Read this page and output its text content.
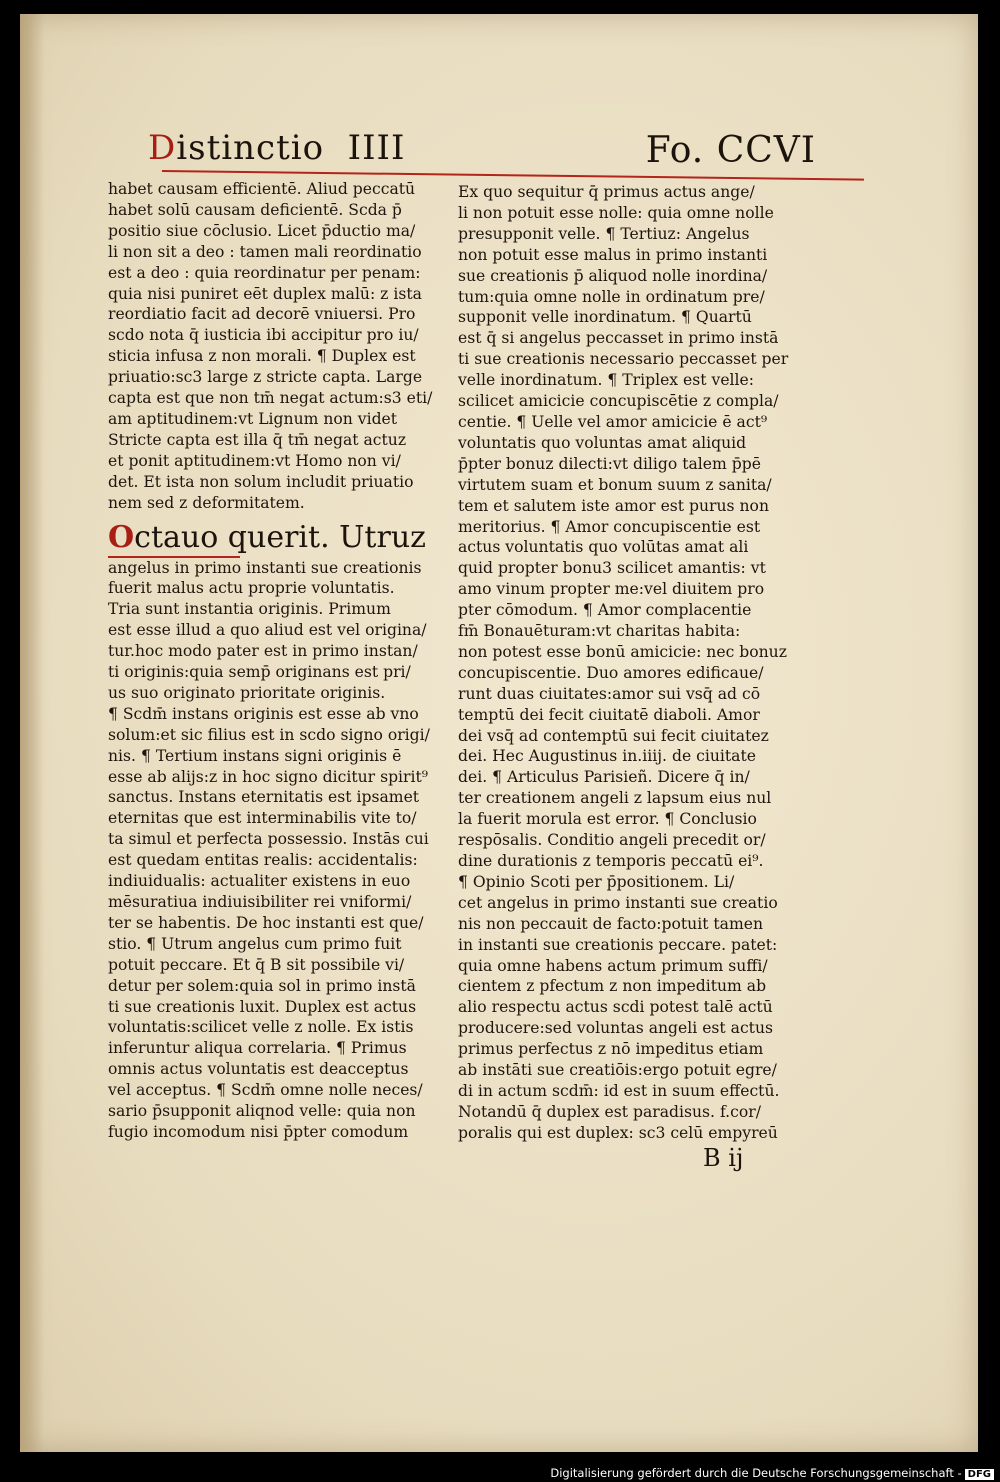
Distinctio  IIII	Fo. CCVI

habet causam efficientē. Aliud peccatū

habet solū causam deficientē. Scda p̄

positio siue cōclusio. Licet p̄ductio ma/

li non sit a deo : tamen mali reordinatio

est a deo : quia reordinatur per penam:

quia nisi puniret eēt duplex malū: z ista

reordiatio facit ad decorē vniuersi. Pro

scdo nota q̄ iusticia ibi accipitur pro iu/

sticia infusa z non morali. ¶ Duplex est

priuatio:sc3 large z stricte capta. Large

capta est que non tm̄ negat actum:s3 eti/

am aptitudinem:vt Lignum non videt

Stricte capta est illa q̄ tm̄ negat actuz

et ponit aptitudinem:vt Homo non vi/

det. Et ista non solum includit priuatio

nem sed z deformitatem.

Octauo querit. Utruz

angelus in primo instanti sue creationis

fuerit malus actu proprie voluntatis.

Tria sunt instantia originis. Primum

est esse illud a quo aliud est vel origina/

tur.hoc modo pater est in primo instan/

ti originis:quia semp̄ originans est pri/

us suo originato prioritate originis.

¶ Scdm̄ instans originis est esse ab vno

solum:et sic filius est in scdo signo origi/

nis. ¶ Tertium instans signi originis ē

esse ab alijs:z in hoc signo dicitur spirit⁹

sanctus. Instans eternitatis est ipsamet

eternitas que est interminabilis vite to/

ta simul et perfecta possessio. Instās cui

est quedam entitas realis: accidentalis:

indiuidualis: actualiter existens in euo

mēsuratiua indiuisibiliter rei vniformi/

ter se habentis. De hoc instanti est que/

stio. ¶ Utrum angelus cum primo fuit

potuit peccare. Et q̄ B sit possibile vi/

detur per solem:quia sol in primo instā

ti sue creationis luxit. Duplex est actus

voluntatis:scilicet velle z nolle. Ex istis

inferuntur aliqua correlaria. ¶ Primus

omnis actus voluntatis est deacceptus

vel acceptus. ¶ Scdm̄ omne nolle neces/

sario p̄supponit aliqnod velle: quia non

fugio incomodum nisi p̄pter comodum

Ex quo sequitur q̄ primus actus ange/

li non potuit esse nolle: quia omne nolle

presupponit velle. ¶ Tertiuz: Angelus

non potuit esse malus in primo instanti

sue creationis p̄ aliquod nolle inordina/

tum:quia omne nolle in ordinatum pre/

supponit velle inordinatum. ¶ Quartū

est q̄ si angelus peccasset in primo instā

ti sue creationis necessario peccasset per

velle inordinatum. ¶ Triplex est velle:

scilicet amicicie concupiscētie z compla/

centie. ¶ Uelle vel amor amicicie ē act⁹

voluntatis quo voluntas amat aliquid

p̄pter bonuz dilecti:vt diligo talem p̄pē

virtutem suam et bonum suum z sanita/

tem et salutem iste amor est purus non

meritorius. ¶ Amor concupiscentie est

actus voluntatis quo volūtas amat ali

quid propter bonu3 scilicet amantis: vt

amo vinum propter me:vel diuitem pro

pter cōmodum. ¶ Amor complacentie

fm̄ Bonauēturam:vt charitas habita:

non potest esse bonū amicicie: nec bonuz

concupiscentie. Duo amores edificaue/

runt duas ciuitates:amor sui vsq̄ ad cō

temptū dei fecit ciuitatē diaboli. Amor

dei vsq̄ ad contemptū sui fecit ciuitatez

dei. Hec Augustinus in.iiij. de ciuitate

dei. ¶ Articulus Parisieñ. Dicere q̄ in/

ter creationem angeli z lapsum eius nul

la fuerit morula est error. ¶ Conclusio

respōsalis. Conditio angeli precedit or/

dine durationis z temporis peccatū ei⁹.

¶ Opinio Scoti per p̄positionem. Li/

cet angelus in primo instanti sue creatio

nis non peccauit de facto:potuit tamen

in instanti sue creationis peccare. patet:

quia omne habens actum primum suffi/

cientem z pfectum z non impeditum ab

alio respectu actus scdi potest talē actū

producere:sed voluntas angeli est actus

primus perfectus z nō impeditus etiam

ab instāti sue creatiōis:ergo potuit egre/

di in actum scdm̄: id est in suum effectū.

Notandū q̄ duplex est paradisus. f.cor/

poralis qui est duplex: sc3 celū empyreū

B ij
Digitalisierung gefördert durch die Deutsche Forschungsgemeinschaft - DFG
